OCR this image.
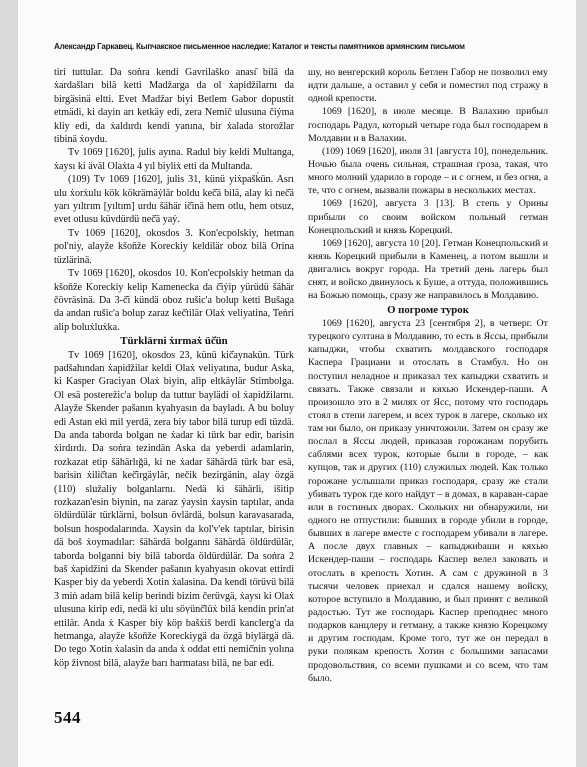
Александр Гаркавец. Кыпчакское письменное наследие: Каталог и тексты памятников армянским письмом

tiri tuttular. Da soṅra kendi Gavrilaško anası̄ bilä da ẋardašları bilä ketti Madžarga da ol ẋapidžilarnı da birgäsinä eltti. Evet Madžar biyi Betlem Gabor dopustit etmädi, ki dayin arı ketkäy edi, zera Nemič ulusuna čiẏma kliy edi, da ẋaldırdı kendi yanına, bir ẋalada storožlar tibinä ẋoydu.

Tv 1069 [1620], julis ayına. Radul biy keldi Multanga, ẋaysı ki äväl Olaẋta 4 yıl biyliẋ etti da Multanda.

(109) Tv 1069 [1620], julis 31, künü yiẋpašk̇ün. Asrı ulu ẋorẋulu kök kökrämäẏlär boldu keč̇ä bilä, alay ki neč̇ä yarı yıltrım [yıltım] urdu šähär ič̇inä hem otlu, hem otsuz, evet otlusu küvdürdü neč̇ä yaẏ.

Tv 1069 [1620], okosdos 3. Kon'ecpolskiy, hetman pol'niy, alayže kšon̄že Koreckiy keldilär oboz bilä Orina tüzlärinä.

Tv 1069 [1620], okosdos 10. Kon'ecpolskiy hetman da kšon̄že Koreckiy kelip Kamenecka da č̇iẏip yürüdü šähär čövräsinä. Da 3-č̇i kündä oboz rušic'a bolup ketti Bušaga da andan rušic'a bolup zaraz keč̇tilär Olaẋ veliyatina, Teṅri alip boluẋluẋka.

Türklärni ẋırmaẋ üč̇ün

Tv 1069 [1620], okosdos 23, künü kič̇aynakün. Türk padšahından ẋapidžilar keldi Olaẋ veliyatına, budur Aska, ki Kasper Graciyan Olaẋ biyin, alip eltkäylär Stimbolga. Ol esä posterežic'a bolup da tuttur baylädi ol ẋapidžilarnı. Alayže Skender pašanın kyahyasın da bayladı. A bu boluy edi Astan eki mil yerdä, zera biy tabor bilä turup edi tüzdä. Da anda taborda bolgan ne ẋadar ki türk bar edir, barisin ẋirdırdı. Da soṅra tezindän Aska da yeberdi adamlarin, rozkazat etip šähärlığä, ki ne ẋadar šähärdä türk bar esä, barisin ẋilič̇tan keč̇irgäylär, nečik bezirgänin, alay özgä (110) služaliy bolganlarnı. Nedä ki šähärli, išitip rozkazan'esin biynin, na zaraz ẏaysin ẋaysin taptılar, anda öldürdülär türklärni, bolsun övlärdä, bolsun karavasarada, bolsun hospodalarında. Xaysin da kol'v'ek taptılar, birisin dä boš ẋoymadılar: šähärdä bolgannı šähärdä öldürdülär, taborda bolganni biy bilä taborda öldürdülär. Da soṅra 2 baš ẋapidžini da Skender pašanın kyahyasın okovat ettirdi Kasper biy da yeberdi Xotin ẋalasina. Da kendi törüvü bilä 3 miṅ adam bilä kelip berindi bizim čerüvgä, ẋaysı ki Olaẋ ulusuna kirip edi, nedä ki ulu söṿünč̇lüẋ bilä kendin prin'at ettilär. Anda ẋ Kasper biy köp bašẋiš berdi kanclerg'a da hetmanga, alayže kšon̄že Koreckiygä da özgä biylärgä dä. Do tego Xotin ẋalasin da anda ẋ oddat etti nemič̇nin yolına köp živnost bilä, alayže barı harmatası bilä, ne bar edi.

шу, но венгерский король Бетлен Габор не позволил ему идти дальше, а оставил у себя и поместил под стражу в одной крепости.

1069 [1620], в июле месяце. В Валахию прибыл господарь Радул, который четыре года был господарем в Молдавии и в Валахии.

(109) 1069 [1620], июля 31 [августа 10], понедельник. Ночью была очень сильная, страшная гроза, такая, что много молний ударило в городе – и с огнем, и без огня, а те, что с огнем, вызвали пожары в нескольких местах.

1069 [1620], августа 3 [13]. В степь у Орины прибыли со своим войском польный гетман Конецпольский и князь Корецкий.

1069 [1620], августа 10 [20]. Гетман Конецпольский и князь Корецкий прибыли в Каменец, а потом вышли и двигались вокруг города. На третий день лагерь был снят, и войско двинулось к Буше, а оттуда, положившись на Божью помощь, сразу же направилось в Молдавию.

О погроме турок

1069 [1620], августа 23 [сентября 2], в четверг. От турецкого султана в Молдавию, то есть в Яссы, прибыли капыджи, чтобы схватить молдавского господаря Каспера Грациани и отослать в Стамбул. Но он поступил неладное и приказал тех капыджи схватить и связать. Также связали и кяхью Искендер-паши. А произошло это в 2 милях от Ясс, потому что господарь стоял в степи лагерем, и всех турок в лагере, сколько их там ни было, он приказу уничтожили. Затем он сразу же послал в Яссы людей, приказав горожанам порубить саблями всех турок, которые были в городе, – как купцов, так и других (110) служилых людей. Как только горожане услышали приказ господаря, сразу же стали убивать турок где кого найдут – в домах, в караван-сарае или в гостиных дворах. Скольких ни обнаружили, ни одного не отпустили: бывших в городе убили в городе, бывших в лагере вместе с господарем убивали в лагере. А после двух главных – капыджиbаши и кяхью Искендер-паши – господарь Каспер велел заковать и отослать в крепость Хотин. А сам с дружиной в 3 тысячи человек приехал и сдался нашему войску, которое вступило в Молдавию, и был принят с великой радостью. Тут же господарь Каспер преподнес много подарков канцлеру и гетману, а также князю Корецкому и другим господам. Кроме того, тут же он передал в руки полякам крепость Хотин с большими запасами продовольствия, со всеми пушками и со всем, что там было.

544
